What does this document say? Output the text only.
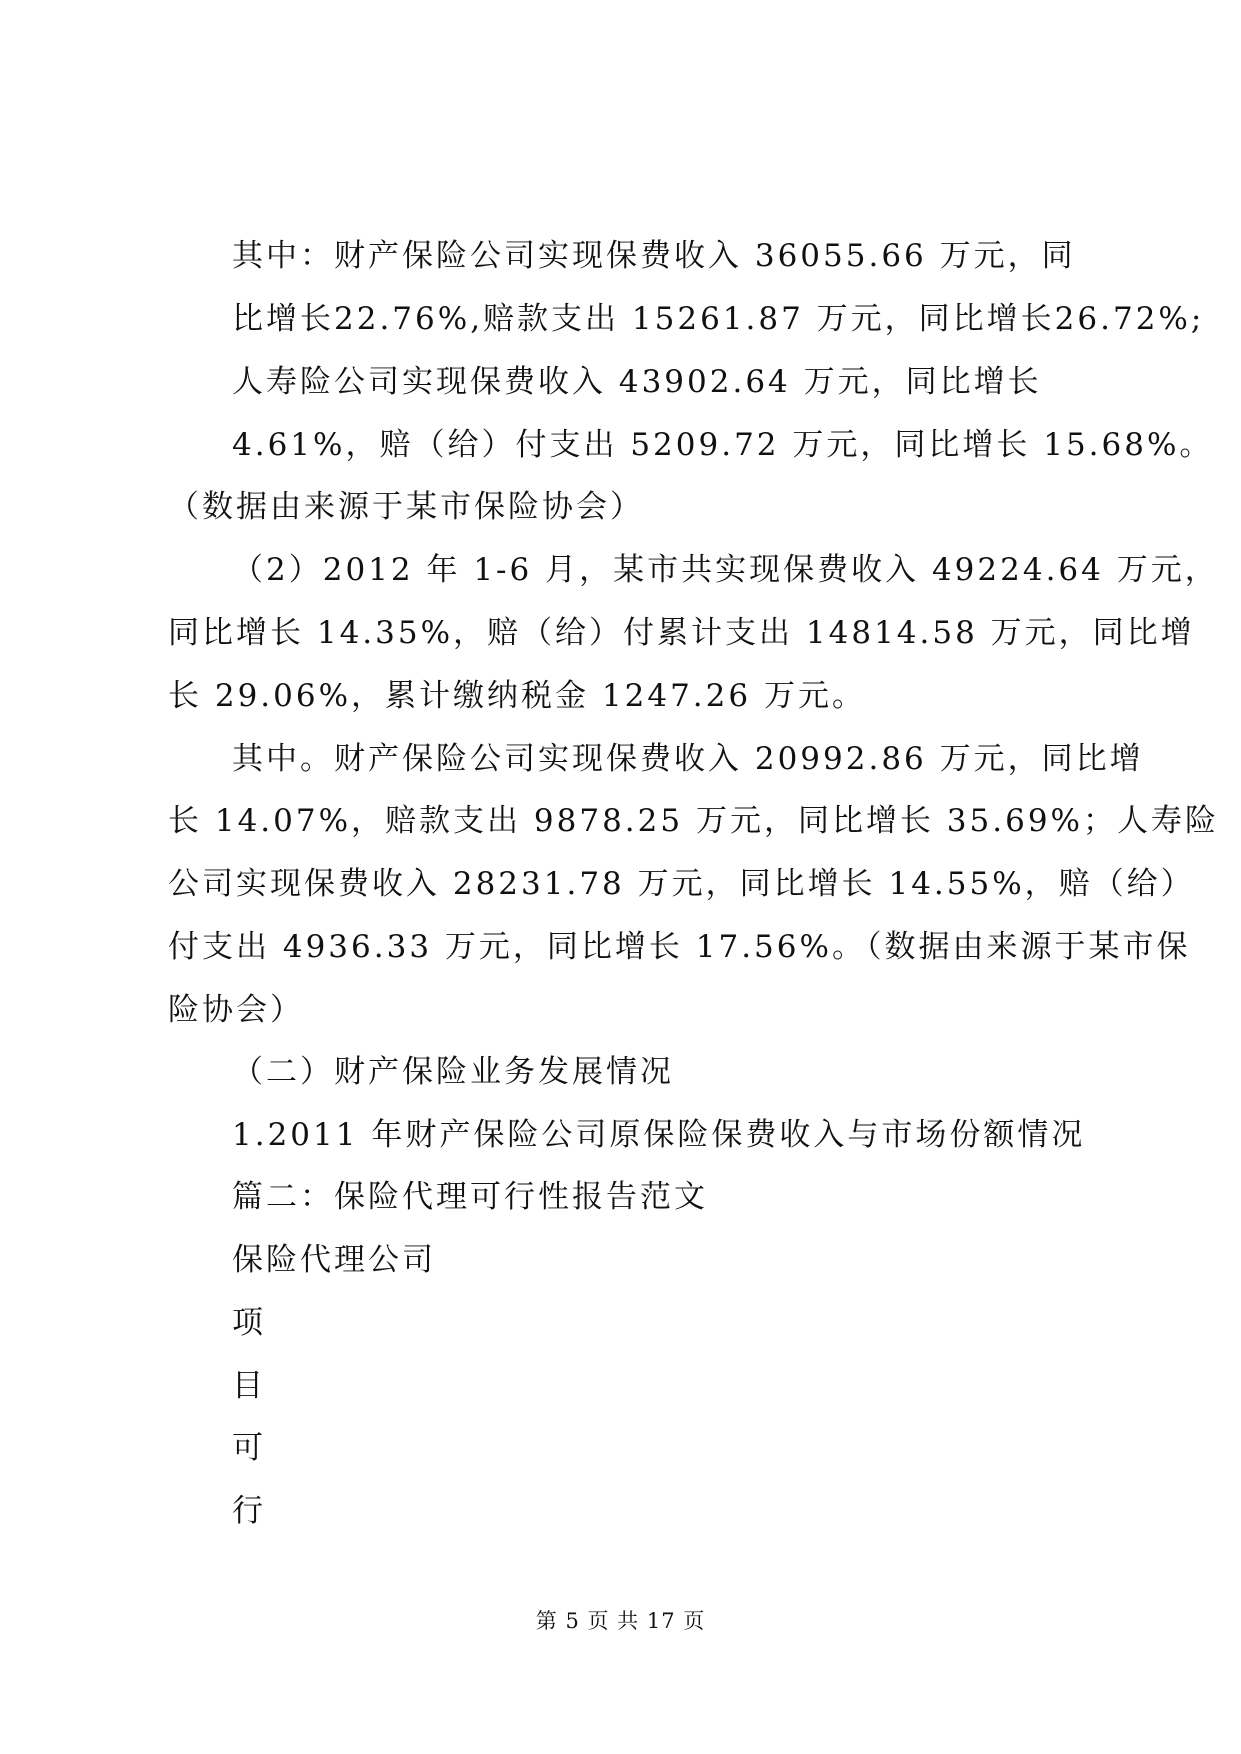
其中：财产保险公司实现保费收入 36055.66 万元，同
比增长22.76%,赔款支出 15261.87 万元，同比增长26.72%;
人寿险公司实现保费收入 43902.64 万元，同比增长
4.61%，赔（给）付支出 5209.72 万元，同比增长 15.68%。
（数据由来源于某市保险协会）
（2）2012 年 1-6 月，某市共实现保费收入 49224.64 万元，
同比增长 14.35%，赔（给）付累计支出 14814.58 万元，同比增
长 29.06%，累计缴纳税金 1247.26 万元。
其中。财产保险公司实现保费收入 20992.86 万元，同比增
长 14.07%，赔款支出 9878.25 万元，同比增长 35.69%；人寿险
公司实现保费收入 28231.78 万元，同比增长 14.55%，赔（给）
付支出 4936.33 万元，同比增长 17.56%。（数据由来源于某市保
险协会）
（二）财产保险业务发展情况
1.2011 年财产保险公司原保险保费收入与市场份额情况
篇二：保险代理可行性报告范文
保险代理公司
项
目
可
行
第 5 页 共 17 页
